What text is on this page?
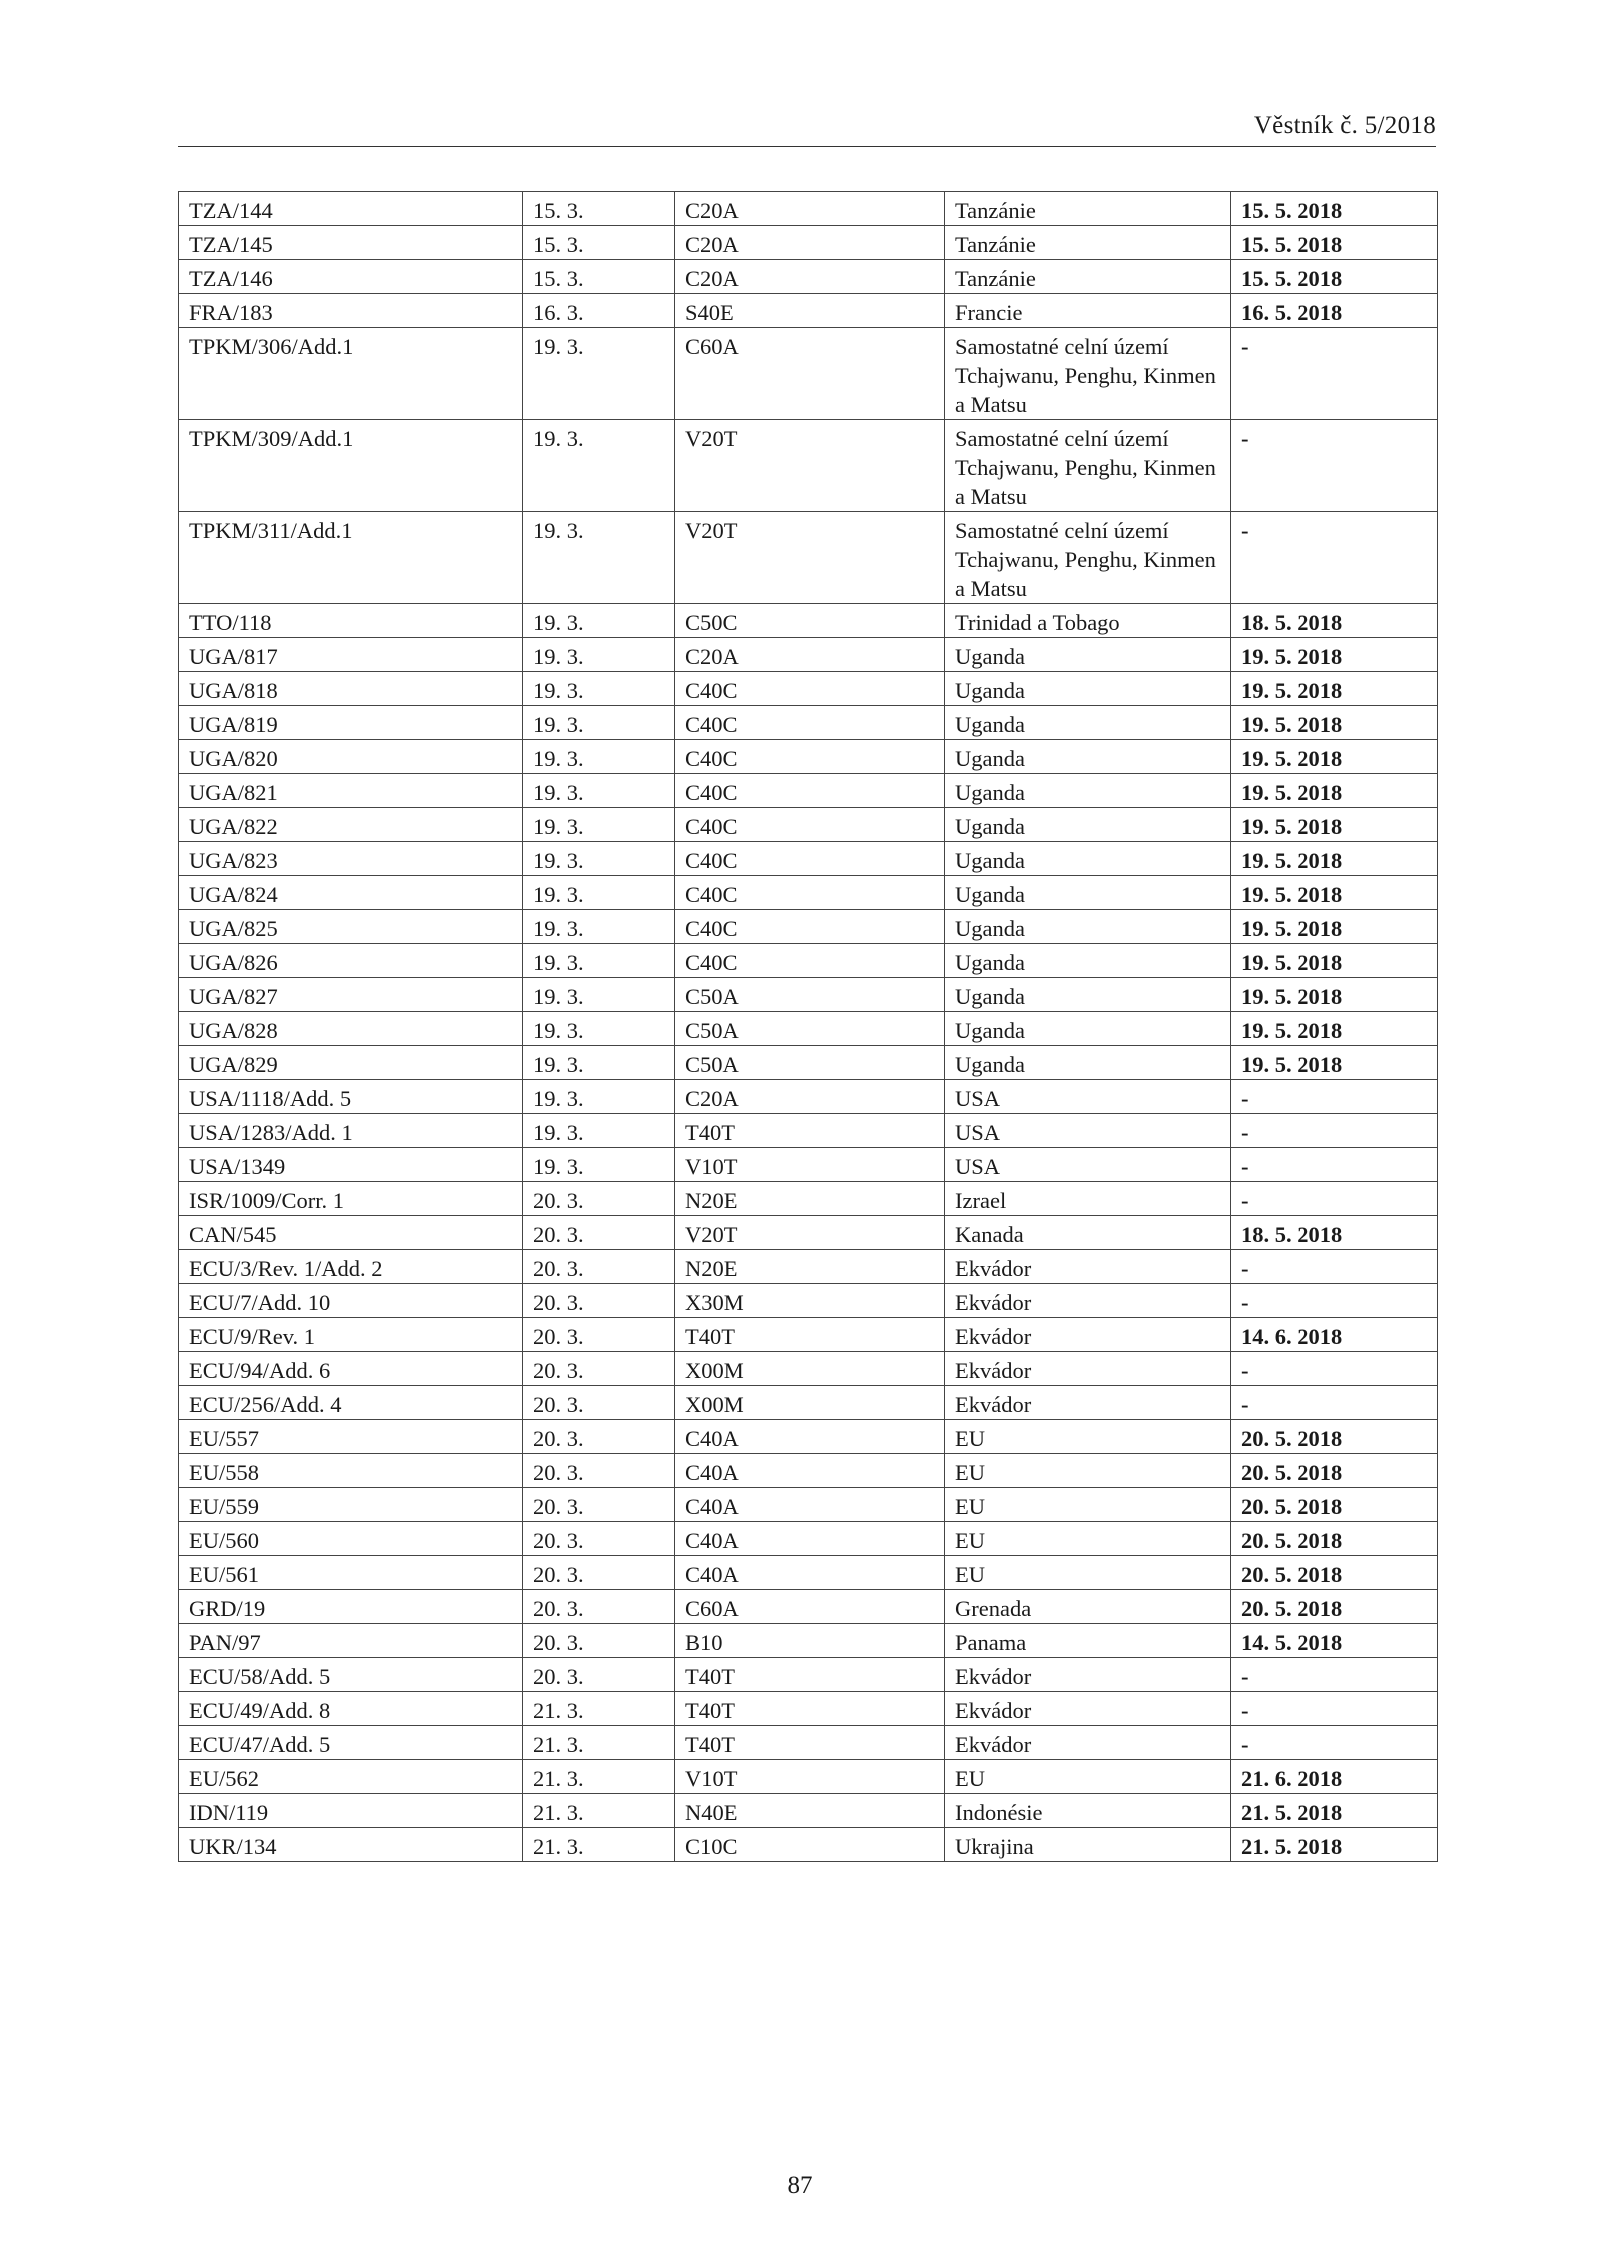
Věstník č. 5/2018
TZA/144	15. 3.	C20A	Tanzánie	15. 5. 2018
TZA/145	15. 3.	C20A	Tanzánie	15. 5. 2018
TZA/146	15. 3.	C20A	Tanzánie	15. 5. 2018
FRA/183	16. 3.	S40E	Francie	16. 5. 2018
TPKM/306/Add.1	19. 3.	C60A	Samostatné celní území Tchajwanu, Penghu, Kinmen a Matsu	-
TPKM/309/Add.1	19. 3.	V20T	Samostatné celní území Tchajwanu, Penghu, Kinmen a Matsu	-
TPKM/311/Add.1	19. 3.	V20T	Samostatné celní území Tchajwanu, Penghu, Kinmen a Matsu	-
TTO/118	19. 3.	C50C	Trinidad a Tobago	18. 5. 2018
UGA/817	19. 3.	C20A	Uganda	19. 5. 2018
UGA/818	19. 3.	C40C	Uganda	19. 5. 2018
UGA/819	19. 3.	C40C	Uganda	19. 5. 2018
UGA/820	19. 3.	C40C	Uganda	19. 5. 2018
UGA/821	19. 3.	C40C	Uganda	19. 5. 2018
UGA/822	19. 3.	C40C	Uganda	19. 5. 2018
UGA/823	19. 3.	C40C	Uganda	19. 5. 2018
UGA/824	19. 3.	C40C	Uganda	19. 5. 2018
UGA/825	19. 3.	C40C	Uganda	19. 5. 2018
UGA/826	19. 3.	C40C	Uganda	19. 5. 2018
UGA/827	19. 3.	C50A	Uganda	19. 5. 2018
UGA/828	19. 3.	C50A	Uganda	19. 5. 2018
UGA/829	19. 3.	C50A	Uganda	19. 5. 2018
USA/1118/Add. 5	19. 3.	C20A	USA	-
USA/1283/Add. 1	19. 3.	T40T	USA	-
USA/1349	19. 3.	V10T	USA	-
ISR/1009/Corr. 1	20. 3.	N20E	Izrael	-
CAN/545	20. 3.	V20T	Kanada	18. 5. 2018
ECU/3/Rev. 1/Add. 2	20. 3.	N20E	Ekvádor	-
ECU/7/Add. 10	20. 3.	X30M	Ekvádor	-
ECU/9/Rev. 1	20. 3.	T40T	Ekvádor	14. 6. 2018
ECU/94/Add. 6	20. 3.	X00M	Ekvádor	-
ECU/256/Add. 4	20. 3.	X00M	Ekvádor	-
EU/557	20. 3.	C40A	EU	20. 5. 2018
EU/558	20. 3.	C40A	EU	20. 5. 2018
EU/559	20. 3.	C40A	EU	20. 5. 2018
EU/560	20. 3.	C40A	EU	20. 5. 2018
EU/561	20. 3.	C40A	EU	20. 5. 2018
GRD/19	20. 3.	C60A	Grenada	20. 5. 2018
PAN/97	20. 3.	B10	Panama	14. 5. 2018
ECU/58/Add. 5	20. 3.	T40T	Ekvádor	-
ECU/49/Add. 8	21. 3.	T40T	Ekvádor	-
ECU/47/Add. 5	21. 3.	T40T	Ekvádor	-
EU/562	21. 3.	V10T	EU	21. 6. 2018
IDN/119	21. 3.	N40E	Indonésie	21. 5. 2018
UKR/134	21. 3.	C10C	Ukrajina	21. 5. 2018
87
